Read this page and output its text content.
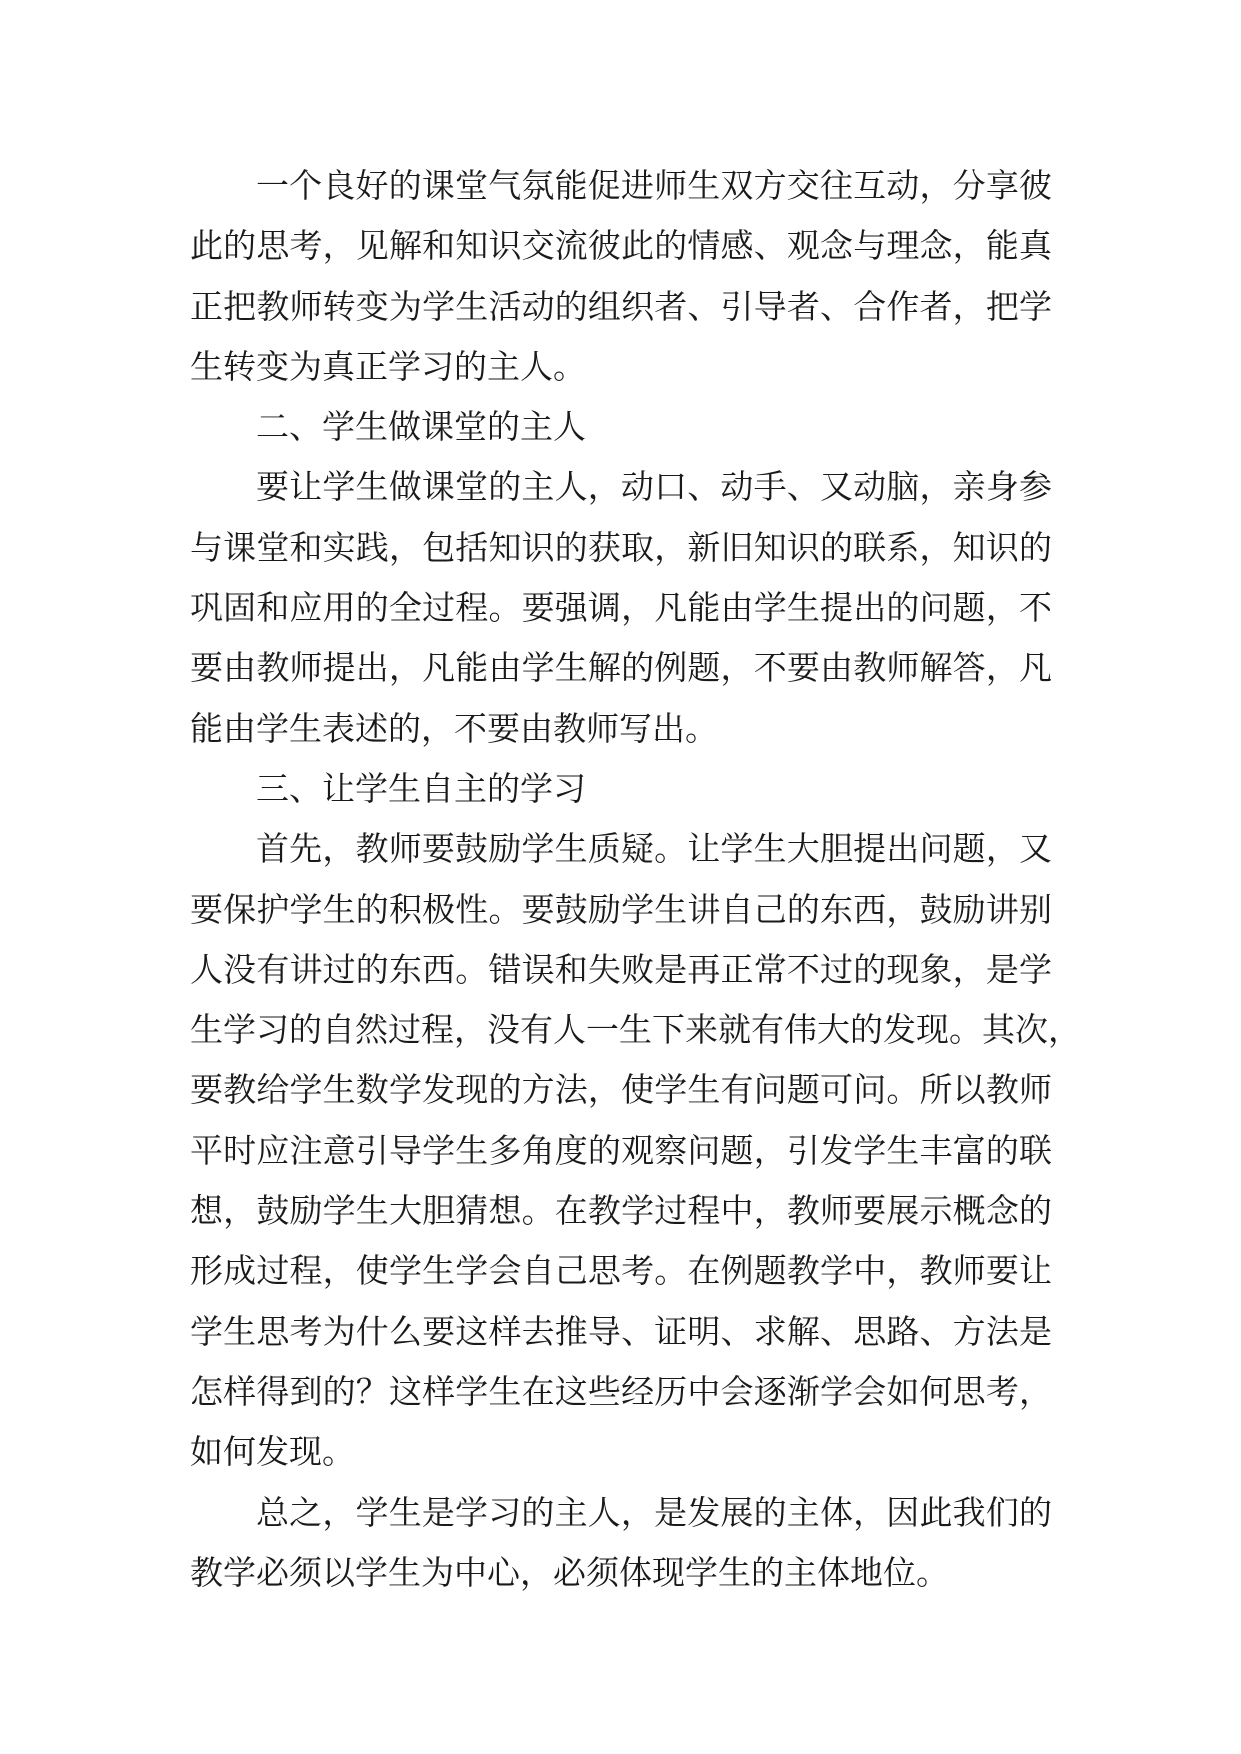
一个良好的课堂气氛能促进师生双方交往互动，分享彼
此的思考，见解和知识交流彼此的情感、观念与理念，能真
正把教师转变为学生活动的组织者、引导者、合作者，把学
生转变为真正学习的主人。
二、学生做课堂的主人
要让学生做课堂的主人，动口、动手、又动脑，亲身参
与课堂和实践，包括知识的获取，新旧知识的联系，知识的
巩固和应用的全过程。要强调，凡能由学生提出的问题，不
要由教师提出，凡能由学生解的例题，不要由教师解答，凡
能由学生表述的，不要由教师写出。
三、让学生自主的学习
首先，教师要鼓励学生质疑。让学生大胆提出问题，又
要保护学生的积极性。要鼓励学生讲自己的东西，鼓励讲别
人没有讲过的东西。错误和失败是再正常不过的现象，是学
生学习的自然过程，没有人一生下来就有伟大的发现。其次，
要教给学生数学发现的方法，使学生有问题可问。所以教师
平时应注意引导学生多角度的观察问题，引发学生丰富的联
想，鼓励学生大胆猜想。在教学过程中，教师要展示概念的
形成过程，使学生学会自己思考。在例题教学中，教师要让
学生思考为什么要这样去推导、证明、求解、思路、方法是
怎样得到的？这样学生在这些经历中会逐渐学会如何思考，
如何发现。
总之，学生是学习的主人，是发展的主体，因此我们的
教学必须以学生为中心，必须体现学生的主体地位。
